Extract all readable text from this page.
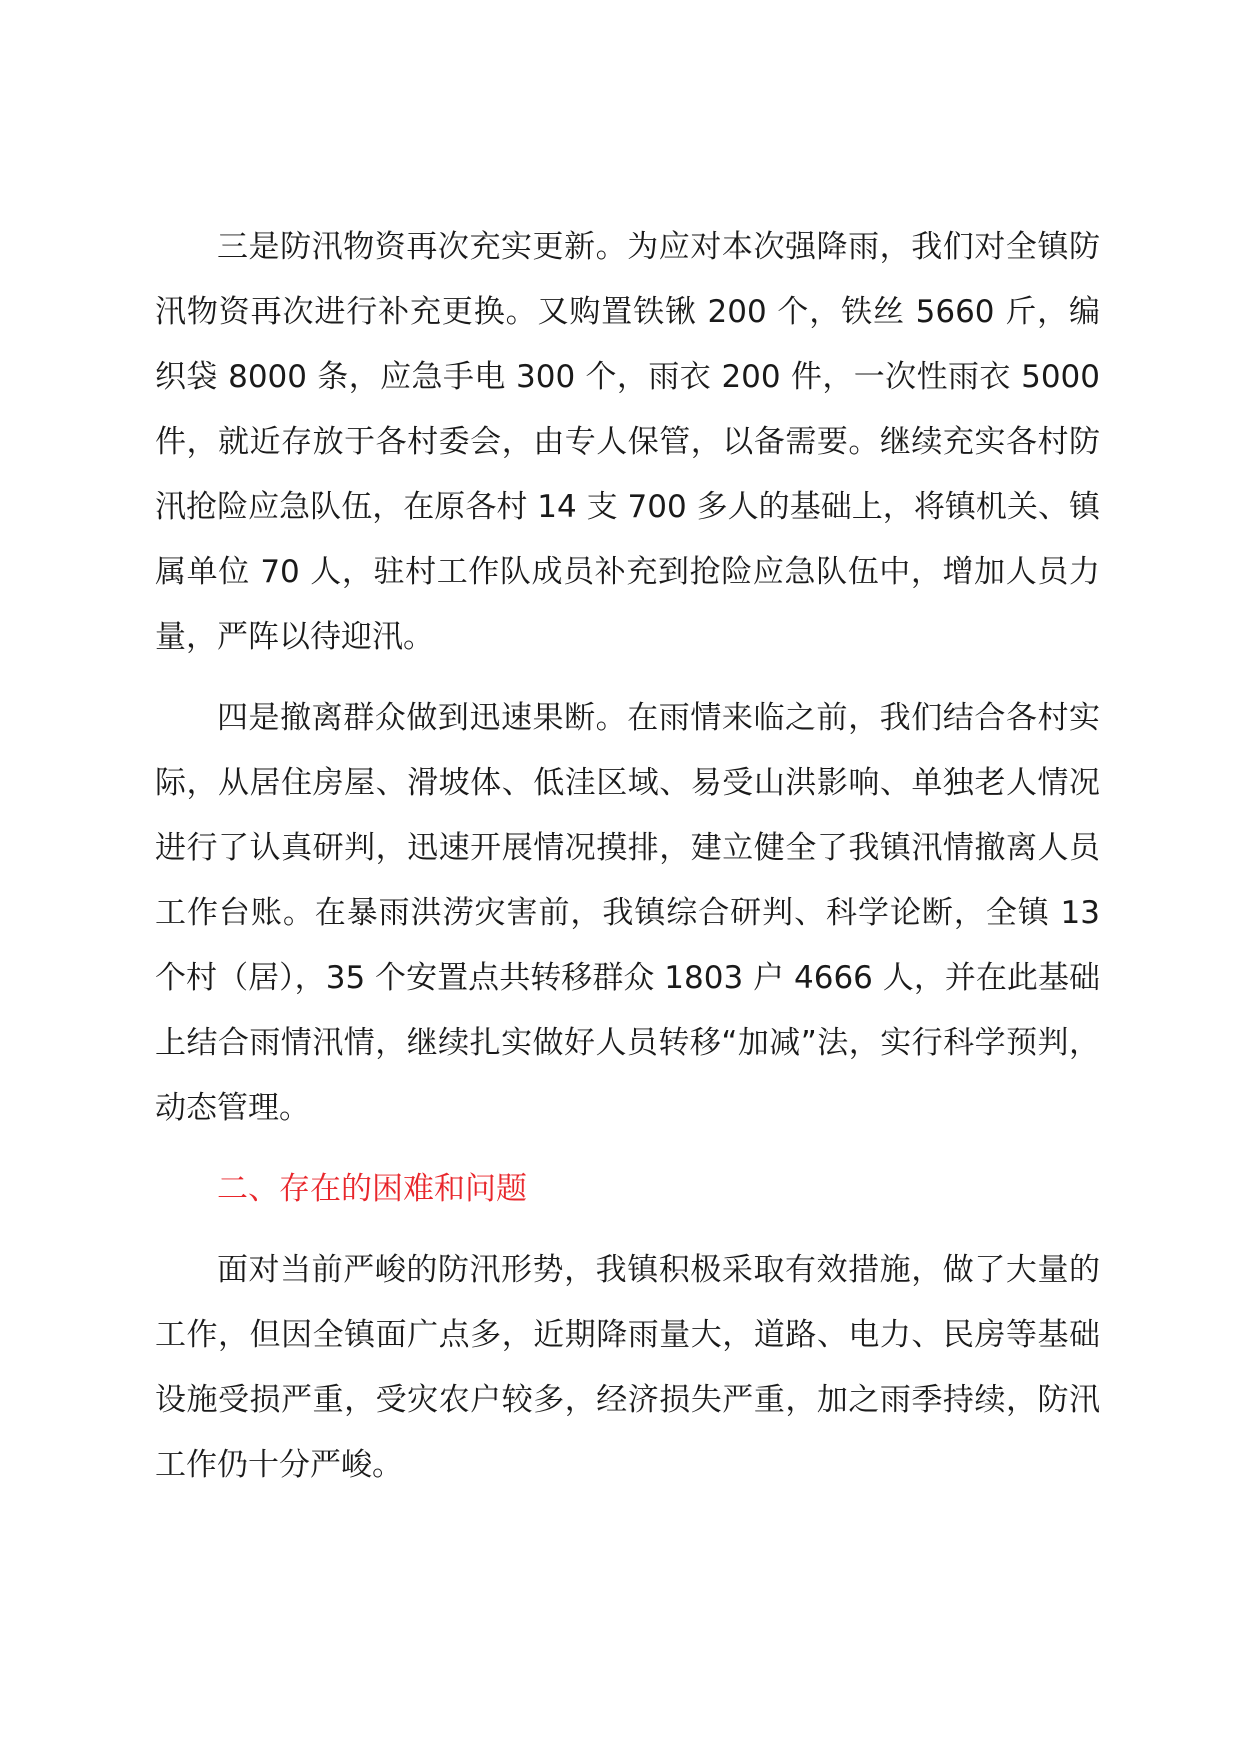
三是防汛物资再次充实更新。为应对本次强降雨，我们对全镇防汛物资再次进行补充更换。又购置铁锹 200 个，铁丝 5660 斤，编织袋 8000 条，应急手电 300 个，雨衣 200 件，一次性雨衣 5000 件，就近存放于各村委会，由专人保管，以备需要。继续充实各村防汛抢险应急队伍，在原各村 14 支 700 多人的基础上，将镇机关、镇属单位 70 人，驻村工作队成员补充到抢险应急队伍中，增加人员力量，严阵以待迎汛。

四是撤离群众做到迅速果断。在雨情来临之前，我们结合各村实际，从居住房屋、滑坡体、低洼区域、易受山洪影响、单独老人情况进行了认真研判，迅速开展情况摸排，建立健全了我镇汛情撤离人员工作台账。在暴雨洪涝灾害前，我镇综合研判、科学论断，全镇 13 个村（居），35 个安置点共转移群众 1803 户 4666 人，并在此基础上结合雨情汛情，继续扎实做好人员转移“加减”法，实行科学预判，动态管理。

二、存在的困难和问题

面对当前严峻的防汛形势，我镇积极采取有效措施，做了大量的工作，但因全镇面广点多，近期降雨量大，道路、电力、民房等基础设施受损严重，受灾农户较多，经济损失严重，加之雨季持续，防汛工作仍十分严峻。
